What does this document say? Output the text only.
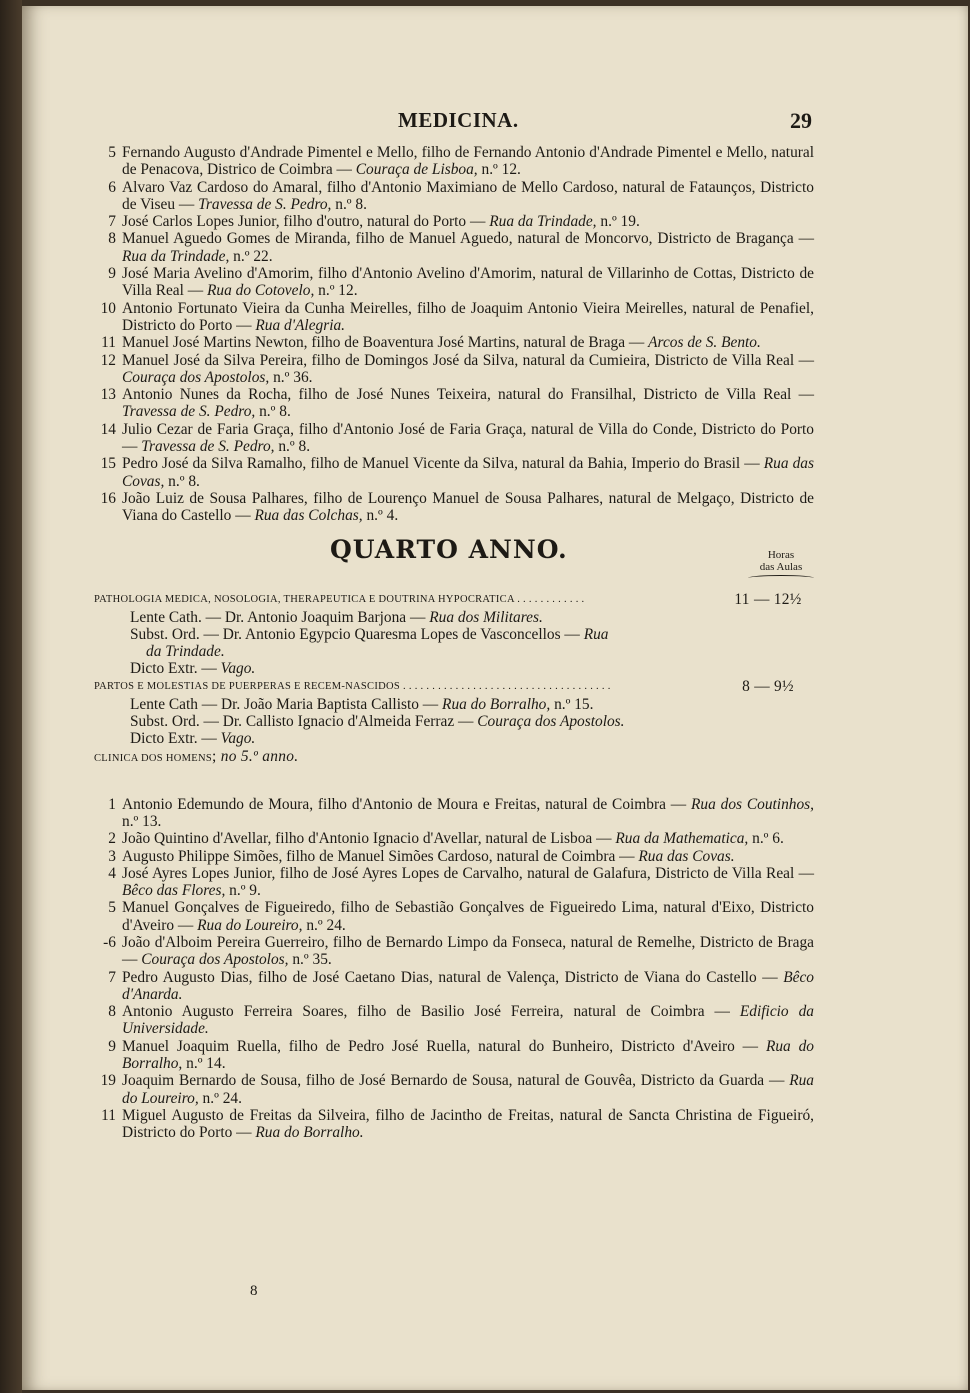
MEDICINA.	29

5 Fernando Augusto d'Andrade Pimentel e Mello, filho de Fernando Antonio d'Andrade Pimentel e Mello, natural de Penacova, Districo de Coimbra — Couraça de Lisboa, n.º 12.

6 Alvaro Vaz Cardoso do Amaral, filho d'Antonio Maximiano de Mello Cardoso, natural de Fataunços, Districto de Viseu — Travessa de S. Pedro, n.º 8.

7 José Carlos Lopes Junior, filho d'outro, natural do Porto — Rua da Trindade, n.º 19.

8 Manuel Aguedo Gomes de Miranda, filho de Manuel Aguedo, natural de Moncorvo, Districto de Bragança — Rua da Trindade, n.º 22.

9 José Maria Avelino d'Amorim, filho d'Antonio Avelino d'Amorim, natural de Villarinho de Cottas, Districto de Villa Real — Rua do Cotovelo, n.º 12.

10 Antonio Fortunato Vieira da Cunha Meirelles, filho de Joaquim Antonio Vieira Meirelles, natural de Penafiel, Districto do Porto — Rua d'Alegria.

11 Manuel José Martins Newton, filho de Boaventura José Martins, natural de Braga — Arcos de S. Bento.

12 Manuel José da Silva Pereira, filho de Domingos José da Silva, natural da Cumieira, Districto de Villa Real — Couraça dos Apostolos, n.º 36.

13 Antonio Nunes da Rocha, filho de José Nunes Teixeira, natural do Fransilhal, Districto de Villa Real — Travessa de S. Pedro, n.º 8.

14 Julio Cezar de Faria Graça, filho d'Antonio José de Faria Graça, natural de Villa do Conde, Districto do Porto — Travessa de S. Pedro, n.º 8.

15 Pedro José da Silva Ramalho, filho de Manuel Vicente da Silva, natural da Bahia, Imperio do Brasil — Rua das Covas, n.º 8.

16 João Luiz de Sousa Palhares, filho de Lourenço Manuel de Sousa Palhares, natural de Melgaço, Districto de Viana do Castello — Rua das Colchas, n.º 4.

QUARTO ANNO.	Horas
das Aulas
PATHOLOGIA MEDICA, NOSOLOGIA, THERAPEUTICA E DOUTRINA HYPOCRATICA . . . . . . . . . . . .	11 — 12½
Lente Cath. — Dr. Antonio Joaquim Barjona — Rua dos Militares.
Subst. Ord. — Dr. Antonio Egypcio Quaresma Lopes de Vasconcellos — Rua
da Trindade.
Dicto Extr. — Vago.
PARTOS E MOLESTIAS DE PUERPERAS E RECEM-NASCIDOS . . . . . . . . . . . . . . . . . . . . . . . . . . . . . . . . . . . .	8 — 9½
Lente Cath — Dr. João Maria Baptista Callisto — Rua do Borralho, n.º 15.
Subst. Ord. — Dr. Callisto Ignacio d'Almeida Ferraz — Couraça dos Apostolos.
Dicto Extr. — Vago.
CLINICA DOS HOMENS; no 5.º anno.

1 Antonio Edemundo de Moura, filho d'Antonio de Moura e Freitas, natural de Coimbra — Rua dos Coutinhos, n.º 13.

2 João Quintino d'Avellar, filho d'Antonio Ignacio d'Avellar, natural de Lisboa — Rua da Mathematica, n.º 6.

3 Augusto Philippe Simões, filho de Manuel Simões Cardoso, natural de Coimbra — Rua das Covas.

4 José Ayres Lopes Junior, filho de José Ayres Lopes de Carvalho, natural de Galafura, Districto de Villa Real — Bêco das Flores, n.º 9.

5 Manuel Gonçalves de Figueiredo, filho de Sebastião Gonçalves de Figueiredo Lima, natural d'Eixo, Districto d'Aveiro — Rua do Loureiro, n.º 24.

-6 João d'Alboim Pereira Guerreiro, filho de Bernardo Limpo da Fonseca, natural de Remelhe, Districto de Braga — Couraça dos Apostolos, n.º 35.

7 Pedro Augusto Dias, filho de José Caetano Dias, natural de Valença, Districto de Viana do Castello — Bêco d'Anarda.

8 Antonio Augusto Ferreira Soares, filho de Basilio José Ferreira, natural de Coimbra — Edificio da Universidade.

9 Manuel Joaquim Ruella, filho de Pedro José Ruella, natural do Bunheiro, Districto d'Aveiro — Rua do Borralho, n.º 14.

19 Joaquim Bernardo de Sousa, filho de José Bernardo de Sousa, natural de Gouvêa, Districto da Guarda — Rua do Loureiro, n.º 24.

11 Miguel Augusto de Freitas da Silveira, filho de Jacintho de Freitas, natural de Sancta Christina de Figueiró, Districto do Porto — Rua do Borralho.

8
